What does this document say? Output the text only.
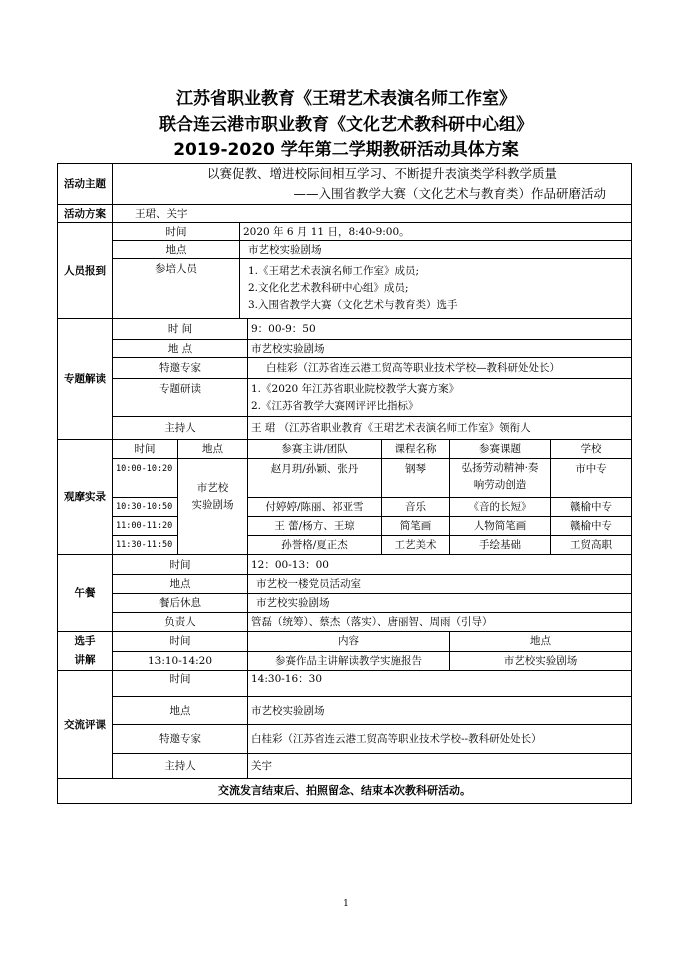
江苏省职业教育《王珺艺术表演名师工作室》
联合连云港市职业教育《文化艺术教科研中心组》
2019-2020 学年第二学期教研活动具体方案
活动主题	以赛促教、增进校际间相互学习、不断提升表演类学科教学质量
——入围省教学大赛（文化艺术与教育类）作品研磨活动						

活动方案	王珺、关宇						
人员报到	时间		2020 年 6 月 11 日，8:40-9:00。				
	地点		市艺校实验剧场				
	参培人员		1.《王珺艺术表演名师工作室》成员;
2.文化化艺术教科研中心组》成员;
3.入围省教学大赛（文化艺术与教育类）选手				

专题解读	时 间			9：00-9：50			
	地 点			市艺校实验剧场			
	特邀专家			白桂彩（江苏省连云港工贸高等职业技术学校—教科研处处长）			
	专题研读			1.《2020 年江苏省职业院校教学大赛方案》
2.《江苏省教学大赛网评评比指标》			

	主持人			王 珺 （江苏省职业教育《王珺艺术表演名师工作室》领衔人			
观摩实录	时间	地点		参赛主讲/团队	课程名称	参赛课题	学校
	10:00-10:20	市艺校
实验剧场		赵月玥/孙颖、张丹	钢琴	弘扬劳动精神·奏
响劳动创造	市中专
	10:30-10:50			付婷婷/陈丽、祁亚雪	音乐	《音的长短》	赣榆中专
	11:00-11:20			王 蕾/杨方、王琼	简笔画	人物简笔画	赣榆中专
	11:30-11:50			孙誉格/夏正杰	工艺美术	手绘基础	工贸高职
午餐	时间			12：00-13：00			
	地点			市艺校一楼党员活动室			
	餐后休息			市艺校实验剧场			
	负责人			管磊（统筹）、蔡杰（落实）、唐丽智、周雨（引导）			

选手
讲解	时间			内容		地点	
	13:10-14:20			参赛作品主讲解读教学实施报告		市艺校实验剧场	
交流评课	时间			14:30-16：30			
	地点			市艺校实验剧场			
	特邀专家			白桂彩（江苏省连云港工贸高等职业技术学校--教科研处处长）			
	主持人			关宇			
交流发言结束后、拍照留念、结束本次教科研活动。							
1
